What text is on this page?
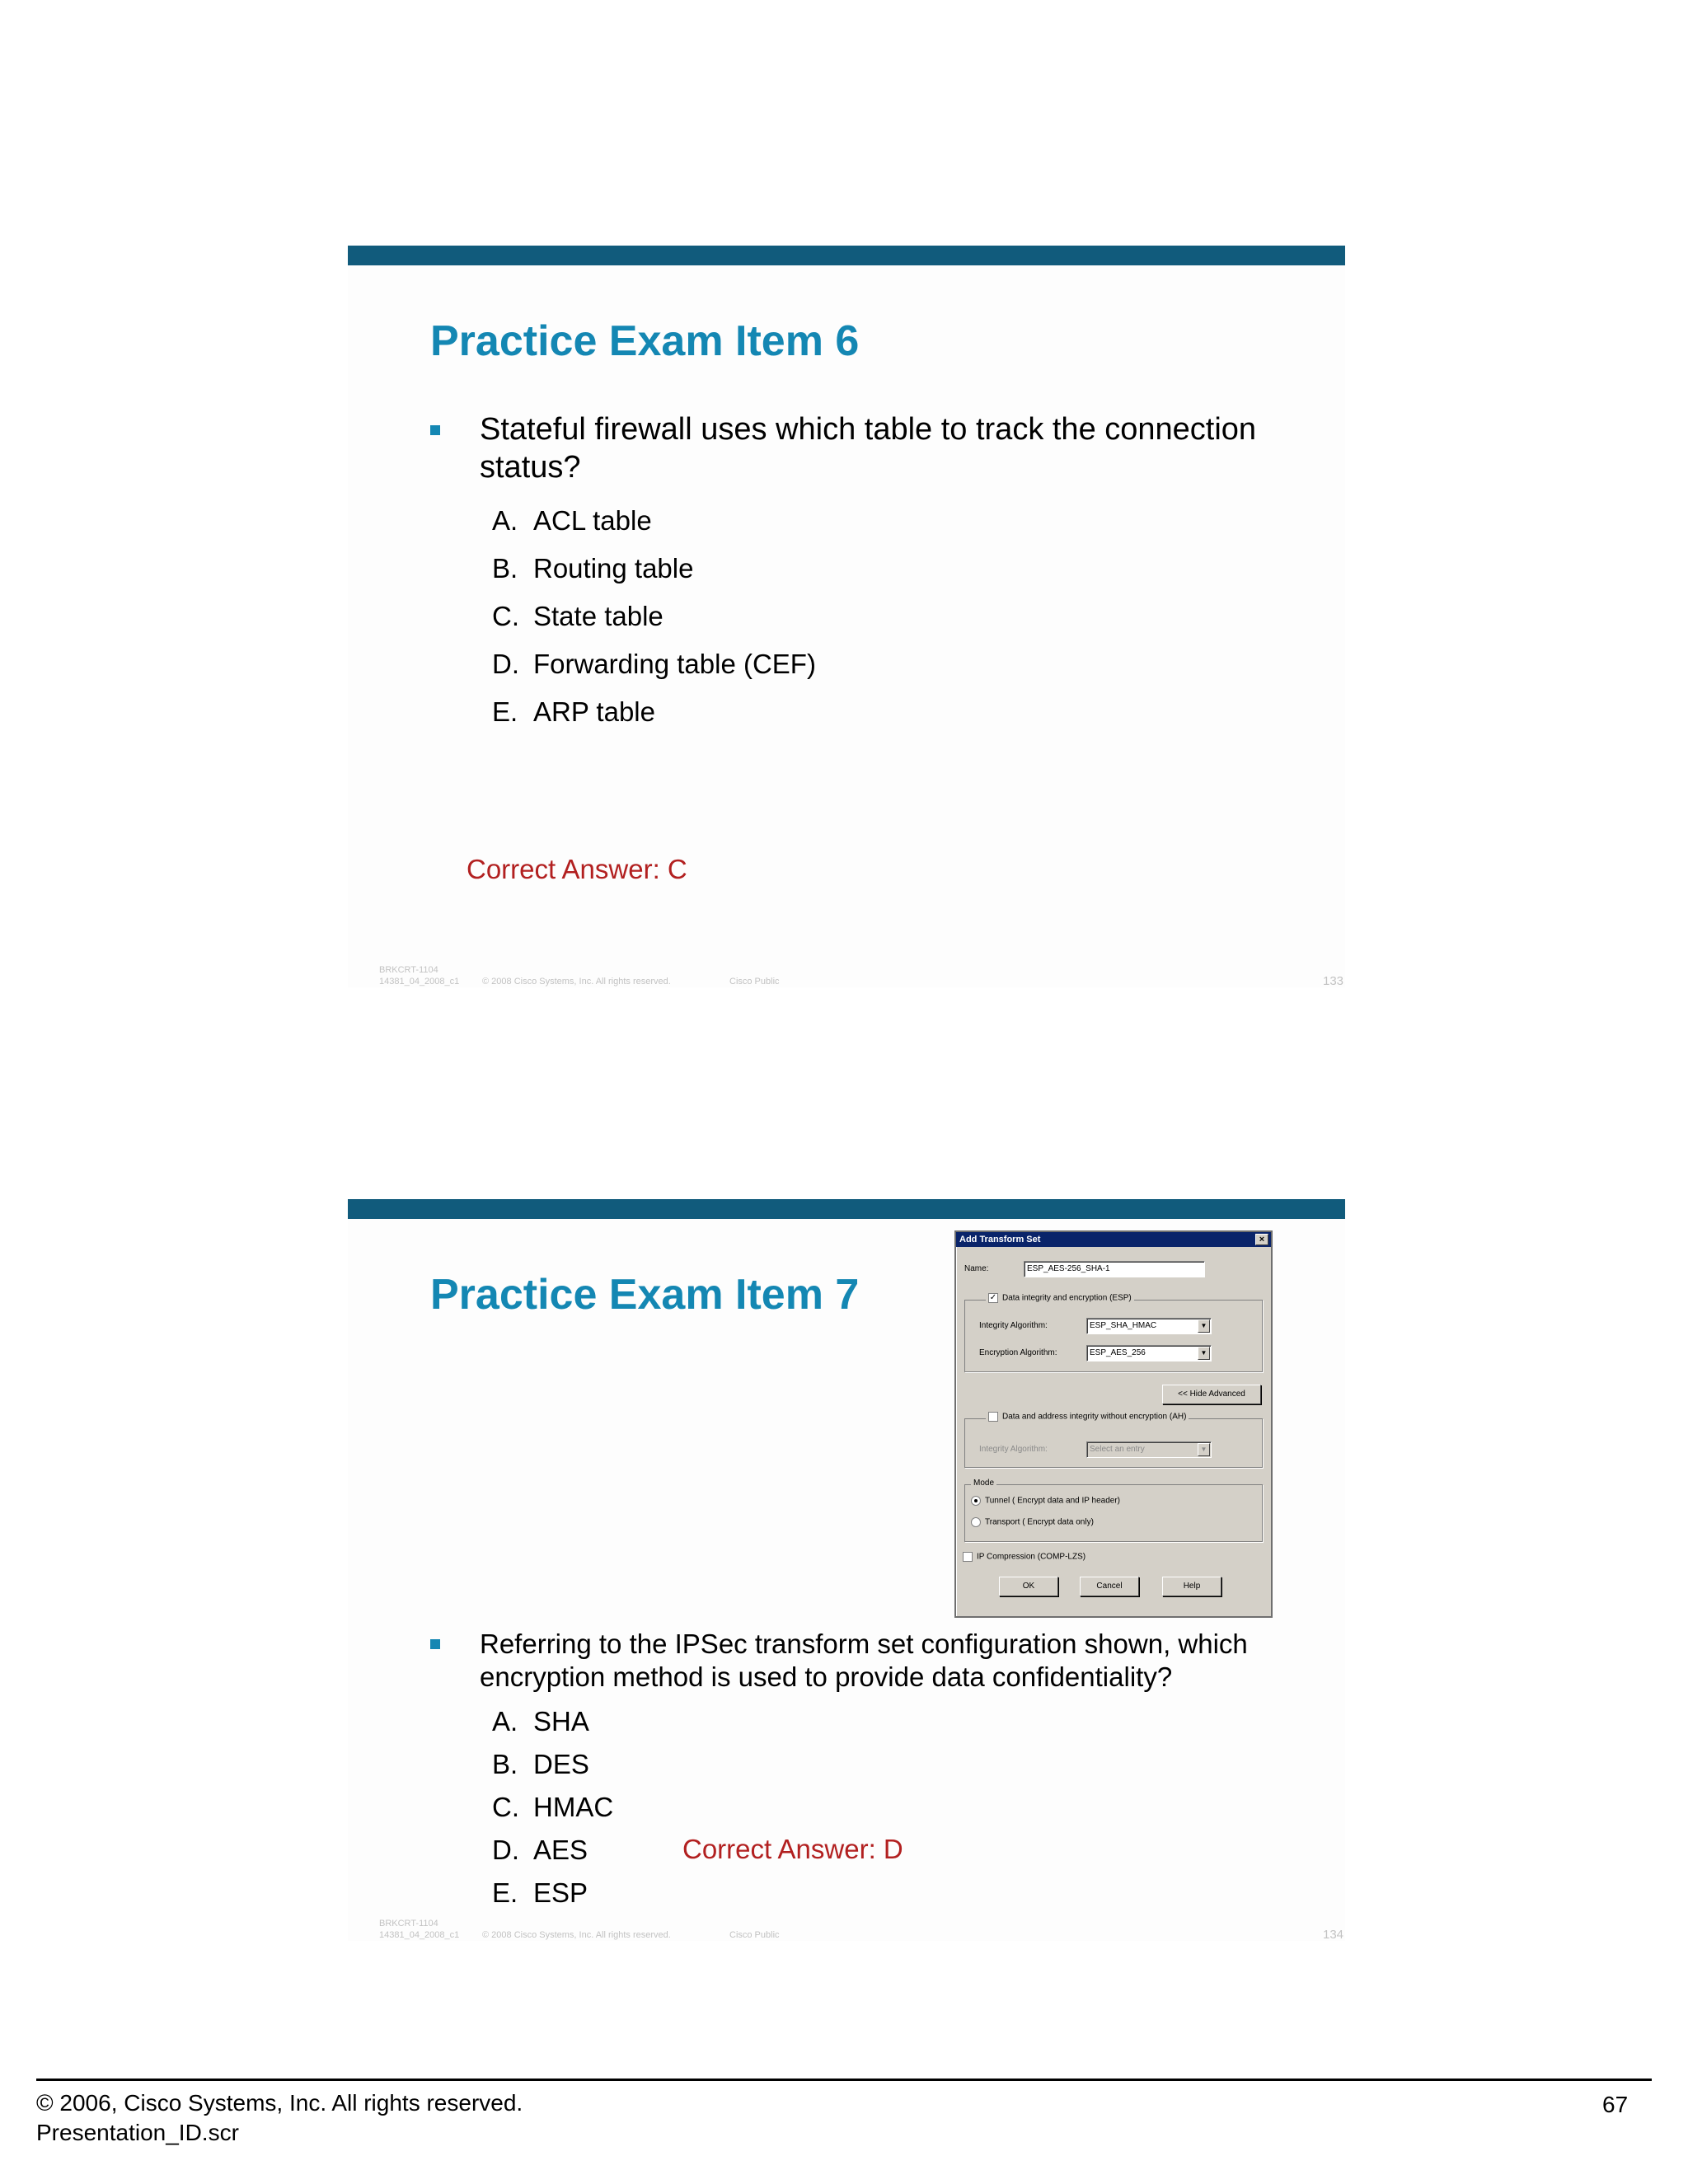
Practice Exam Item 6
Stateful firewall uses which table to track the connection status?
A. ACL table
B. Routing table
C. State table
D. Forwarding table (CEF)
E. ARP table
Correct Answer: C
BRKCRT-1104
14381_04_2008_c1	© 2008 Cisco Systems, Inc. All rights reserved.	Cisco Public	133
Practice Exam Item 7
Referring to the IPSec transform set configuration shown, which encryption method is used to provide data confidentiality?
A. SHA
B. DES
C. HMAC
D. AES
E. ESP
Correct Answer: D
BRKCRT-1104
14381_04_2008_c1	© 2008 Cisco Systems, Inc. All rights reserved.	Cisco Public	134
Add Transform Set	×
Name:	ESP_AES-256_SHA-1
✓ Data integrity and encryption (ESP)
Integrity Algorithm:	ESP_SHA_HMAC	▼
Encryption Algorithm:	ESP_AES_256	▼
<< Hide Advanced
Data and address integrity without encryption (AH)
Integrity Algorithm:	Select an entry	▼
Mode
Tunnel ( Encrypt data and IP header)
Transport ( Encrypt data only)
IP Compression (COMP-LZS)
OK	Cancel	Help
© 2006, Cisco Systems, Inc. All rights reserved.
Presentation_ID.scr
67
